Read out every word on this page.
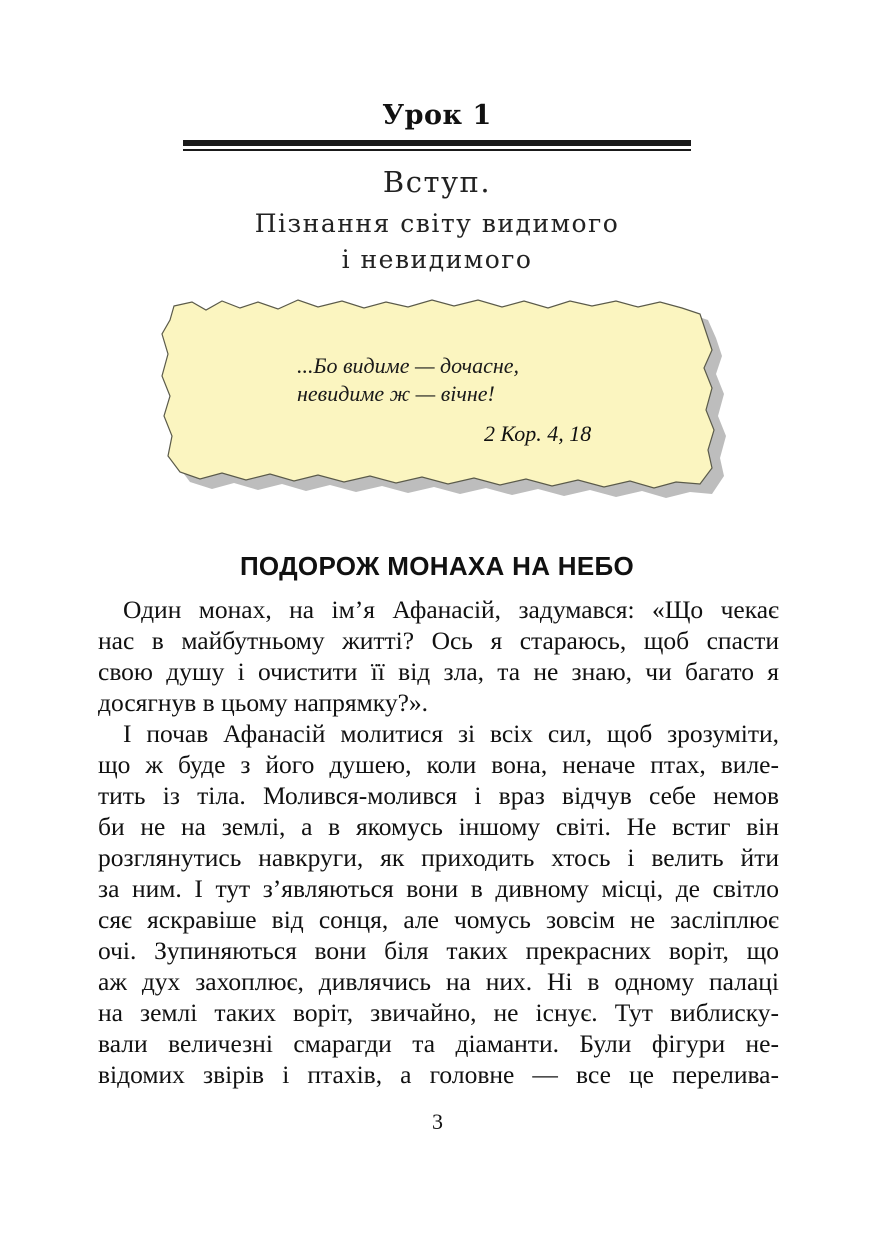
Урок 1
Вступ.
Пізнання світу видимого
і невидимого
...Бо видиме — дочасне,
невидиме ж — вічне!
2 Кор. 4, 18
ПОДОРОЖ МОНАХА НА НЕБО

Один монах, на ім’я Афанасій, задумався: «Що чекає

нас в майбутньому житті? Ось я стараюсь, щоб спасти

свою душу і очистити її від зла, та не знаю, чи багато я

досягнув в цьому напрямку?».

І почав Афанасій молитися зі всіх сил, щоб зрозуміти,

що ж буде з його душею, коли вона, неначе птах, вилe-

тить із тіла. Молився-молився і враз відчув себе немов

би не на землі, а в якомусь іншому світі. Не встиг він

розглянутись навкруги, як приходить хтось і велить йти

за ним. І тут з’являються вони в дивному місці, де світло

сяє яскравіше від сонця, але чомусь зовсім не засліплює

очі. Зупиняються вони біля таких прекрасних воріт, що

аж дух захоплює, дивлячись на них. Ні в одному палаці

на землі таких воріт, звичайно, не існує. Тут виблиску-

вали величезні смарагди та діаманти. Були фігури не-

відомих звірів і птахів, а головне — все це перелива-

3
